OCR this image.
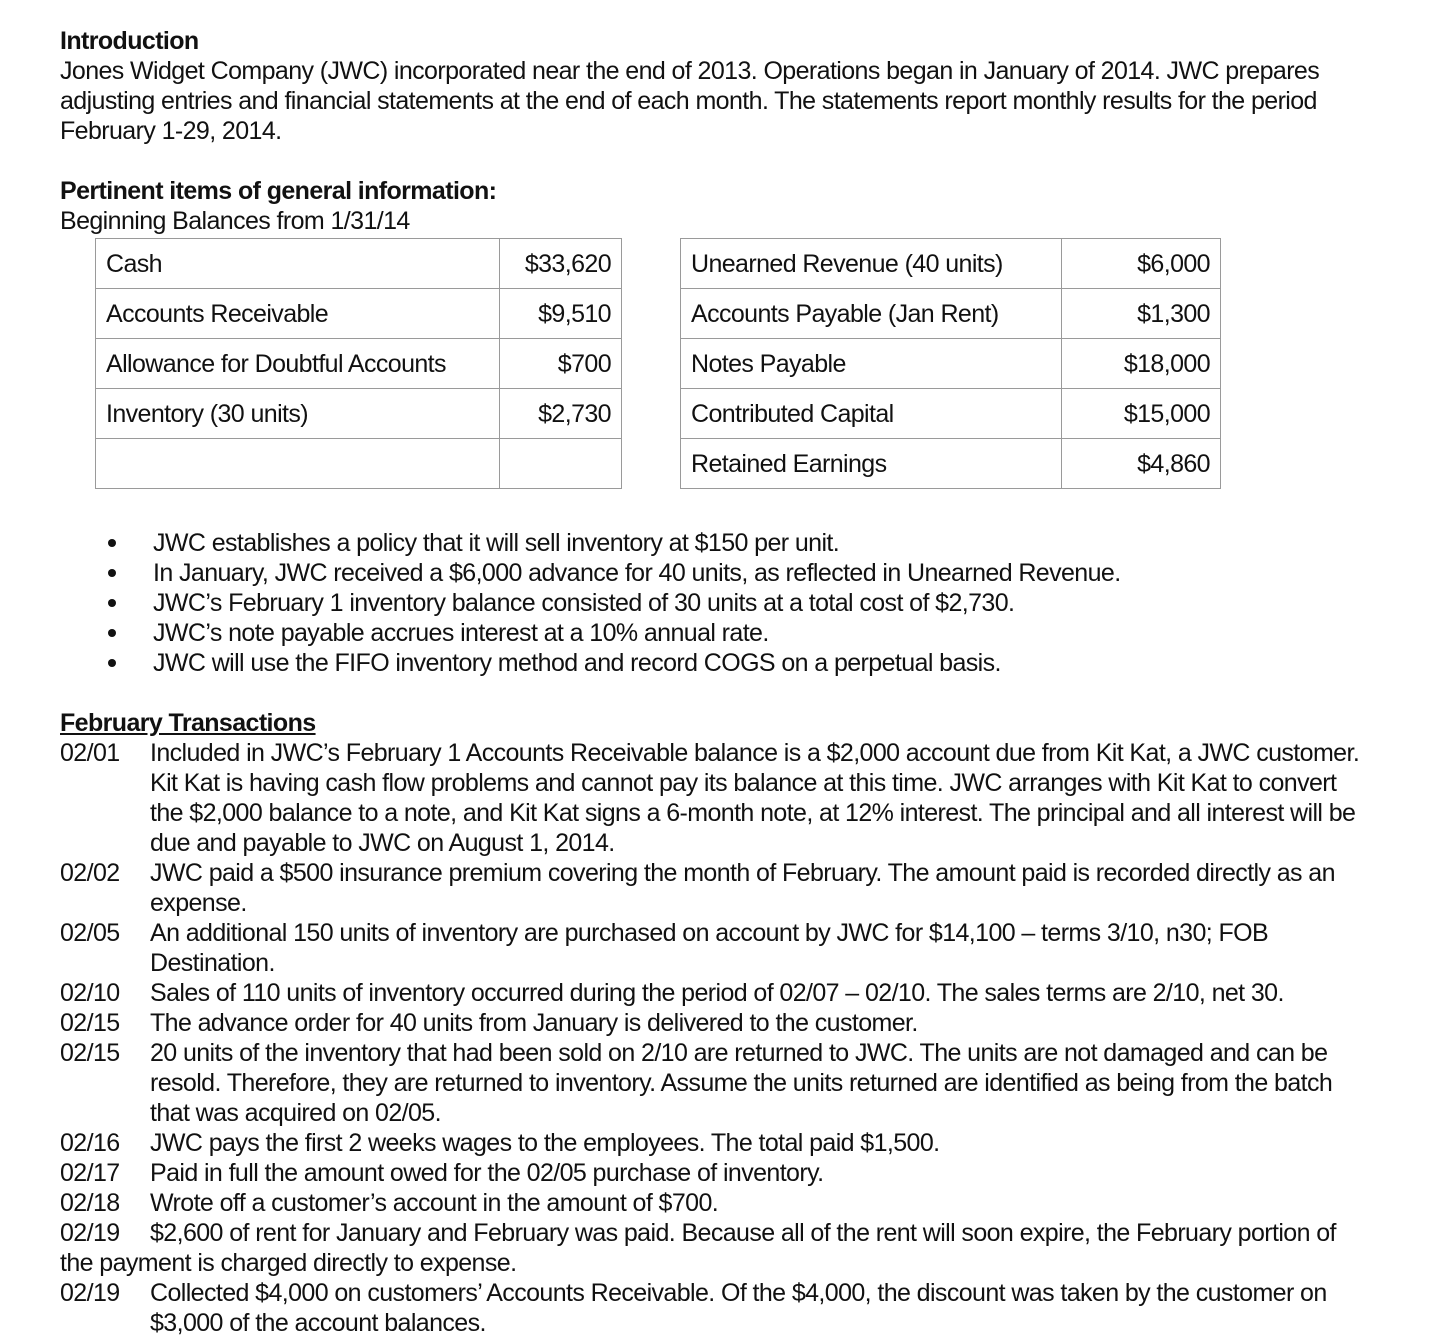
Introduction
Jones Widget Company (JWC) incorporated near the end of 2013. Operations began in January of 2014. JWC prepares adjusting entries and financial statements at the end of each month. The statements report monthly results for the period February 1-29, 2014.
Pertinent items of general information:
Beginning Balances from 1/31/14
Cash	$33,620
Accounts Receivable	$9,510
Allowance for Doubtful Accounts	$700
Inventory (30 units)	$2,730

Unearned Revenue (40 units)	$6,000
Accounts Payable (Jan Rent)	$1,300
Notes Payable	$18,000
Contributed Capital	$15,000
Retained Earnings	$4,860
JWC establishes a policy that it will sell inventory at $150 per unit.
In January, JWC received a $6,000 advance for 40 units, as reflected in Unearned Revenue.
JWC’s February 1 inventory balance consisted of 30 units at a total cost of $2,730.
JWC’s note payable accrues interest at a 10% annual rate.
JWC will use the FIFO inventory method and record COGS on a perpetual basis.
February Transactions
02/01	Included in JWC’s February 1 Accounts Receivable balance is a $2,000 account due from Kit Kat, a JWC customer. Kit Kat is having cash flow problems and cannot pay its balance at this time. JWC arranges with Kit Kat to convert the $2,000 balance to a note, and Kit Kat signs a 6-month note, at 12% interest. The principal and all interest will be due and payable to JWC on August 1, 2014.
02/02	JWC paid a $500 insurance premium covering the month of February. The amount paid is recorded directly as an expense.
02/05	An additional 150 units of inventory are purchased on account by JWC for $14,100 – terms 3/10, n30; FOB Destination.
02/10	Sales of 110 units of inventory occurred during the period of 02/07 – 02/10. The sales terms are 2/10, net 30.
02/15	The advance order for 40 units from January is delivered to the customer.
02/15	20 units of the inventory that had been sold on 2/10 are returned to JWC. The units are not damaged and can be resold. Therefore, they are returned to inventory. Assume the units returned are identified as being from the batch that was acquired on 02/05.
02/16	JWC pays the first 2 weeks wages to the employees. The total paid $1,500.
02/17	Paid in full the amount owed for the 02/05 purchase of inventory.
02/18	Wrote off a customer’s account in the amount of $700.
02/19	$2,600 of rent for January and February was paid. Because all of the rent will soon expire, the February portion of the payment is charged directly to expense.
02/19	Collected $4,000 on customers’ Accounts Receivable. Of the $4,000, the discount was taken by the customer on $3,000 of the account balances.
